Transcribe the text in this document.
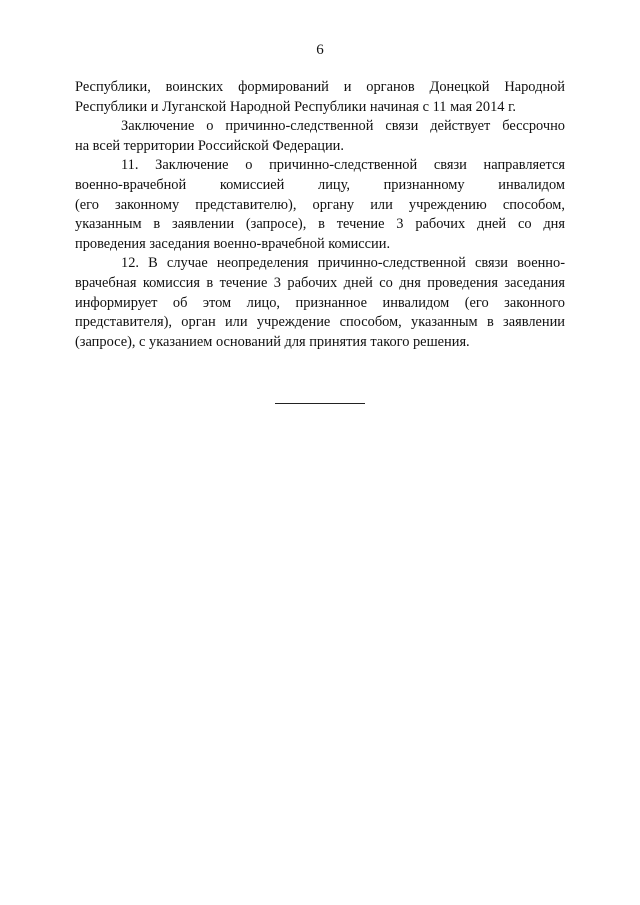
6

Республики, воинских формирований и органов Донецкой Народной
Республики и Луганской Народной Республики начиная с 11 мая 2014 г.

Заключение о причинно-следственной связи действует бессрочно
на всей территории Российской Федерации.

11. Заключение о причинно-следственной связи направляется
военно-врачебной комиссией лицу, признанному инвалидом
(его законному представителю), органу или учреждению способом,
указанным в заявлении (запросе), в течение 3 рабочих дней со дня
проведения заседания военно-врачебной комиссии.

12. В случае неопределения причинно-следственной связи военно-
врачебная комиссия в течение 3 рабочих дней со дня проведения заседания
информирует об этом лицо, признанное инвалидом (его законного
представителя), орган или учреждение способом, указанным в заявлении
(запросе), с указанием оснований для принятия такого решения.
